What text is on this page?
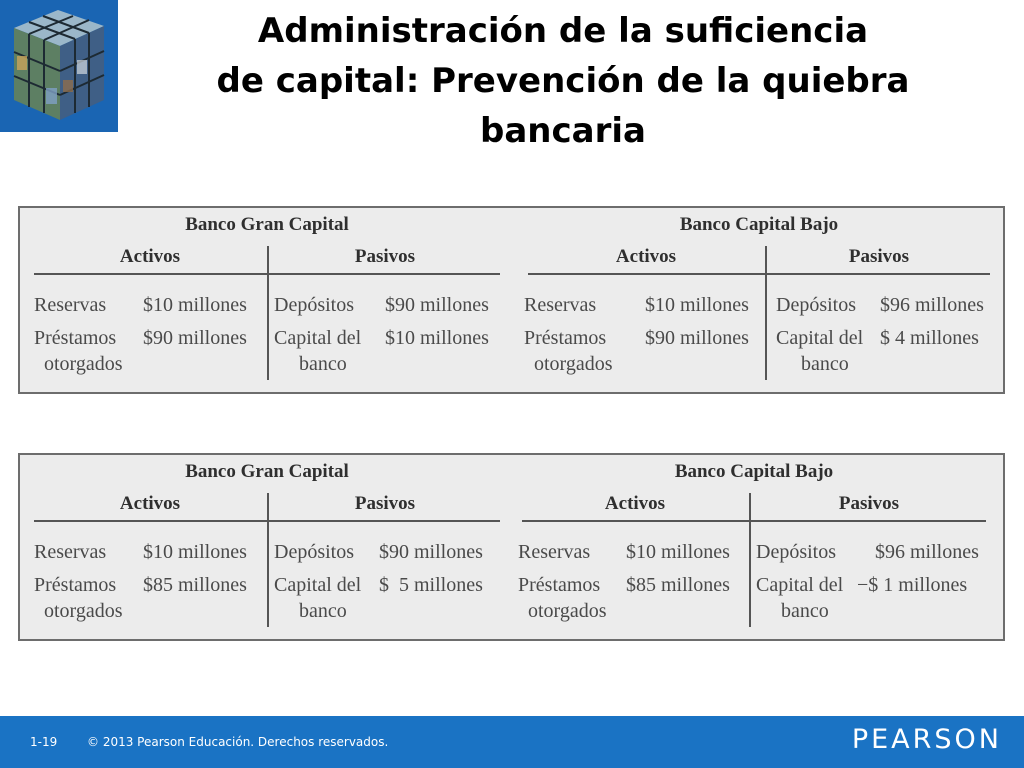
Administración de la suficiencia
de capital: Prevención de la quiebra
bancaria
Banco Gran Capital
Activos	Pasivos
Reservas $10 millones
Préstamos
otorgados
$90 millones
Depósitos $90 millones
Capital del
banco
$10 millones
Banco Capital Bajo
Activos	Pasivos
Reservas $10 millones
Préstamos
otorgados
$90 millones
Depósitos $96 millones
Capital del
banco
$ 4 millones
Banco Gran Capital
Activos	Pasivos
Reservas $10 millones
Préstamos
otorgados
$85 millones
Depósitos $90 millones
Capital del
banco
$  5 millones
Banco Capital Bajo
Activos	Pasivos
Reservas $10 millones
Préstamos
otorgados
$85 millones
Depósitos $96 millones
Capital del
banco
−$ 1 millones
1-19 © 2013 Pearson Educación. Derechos reservados.	PEARSON
